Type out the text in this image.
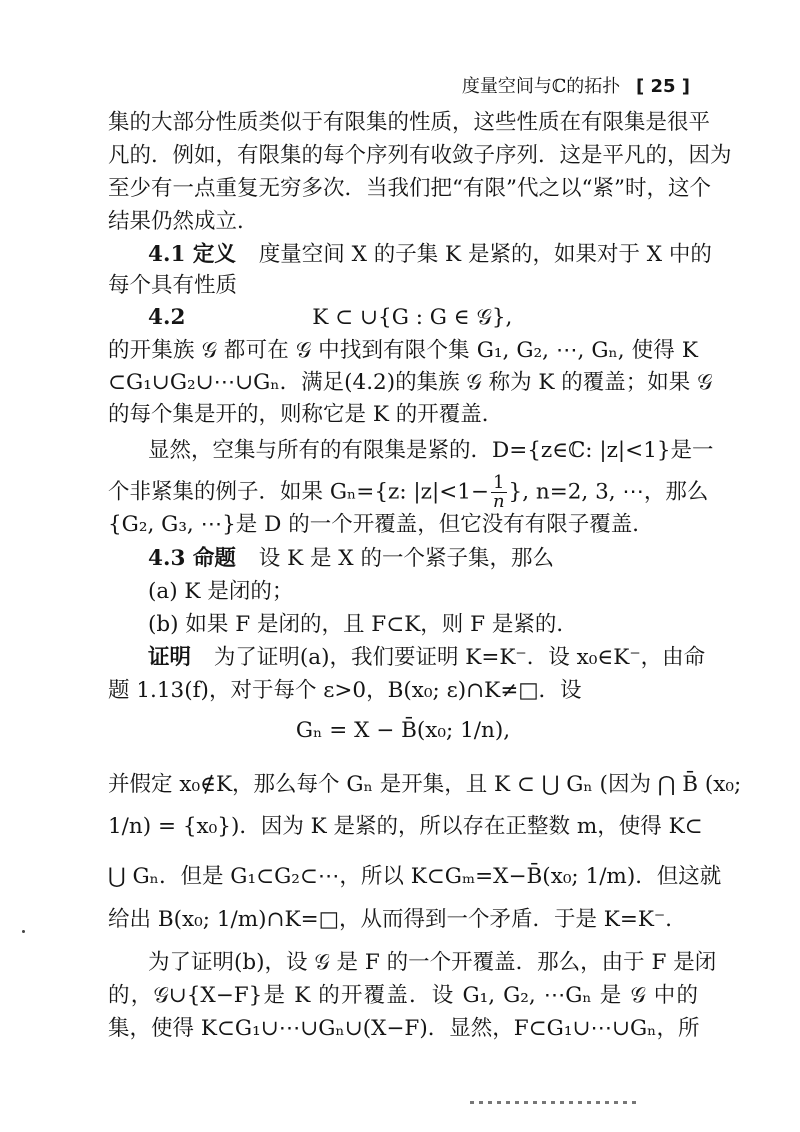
度量空间与ℂ的拓扑 [ 25 ]
集的大部分性质类似于有限集的性质，这些性质在有限集是很平
凡的．例如，有限集的每个序列有收敛子序列．这是平凡的，因为
至少有一点重复无穷多次．当我们把“有限”代之以“紧”时，这个
结果仍然成立．
4.1 定义 度量空间 X 的子集 K 是紧的，如果对于 X 中的
每个具有性质
4.2	K ⊂ ∪{G : G ∈ 𝒢},
的开集族 𝒢 都可在 𝒢 中找到有限个集 G₁, G₂, ⋯, Gₙ, 使得 K
⊂G₁∪G₂∪⋯∪Gₙ．满足(4.2)的集族 𝒢 称为 K 的覆盖；如果 𝒢
的每个集是开的，则称它是 K 的开覆盖．
显然，空集与所有的有限集是紧的．D={z∈ℂ: |z|<1}是一
个非紧集的例子．如果 Gₙ={z: $|z|<1- \frac{1}{n}$ }, n=2, 3, ⋯，那么
{G₂, G₃, ⋯}是 D 的一个开覆盖，但它没有有限子覆盖．
4.3 命题 设 K 是 X 的一个紧子集，那么
(a) K 是闭的；
(b) 如果 F 是闭的，且 F⊂K，则 F 是紧的．
证明 为了证明(a)，我们要证明 K=K⁻．设 x₀∈K⁻，由命
题 1.13(f)，对于每个 ε>0，B(x₀; ε)∩K≠□．设
Gₙ = X − B̄(x₀; 1/n),
并假定 x₀∉K，那么每个 Gₙ 是开集，且 K ⊂ ⋃ Gₙ (因为 ⋂ B̄ (x₀;
1/n) = {x₀})．因为 K 是紧的，所以存在正整数 m，使得 K⊂
⋃ Gₙ．但是 G₁⊂G₂⊂⋯，所以 K⊂Gₘ=X−B̄(x₀; 1/m)．但这就
给出 B(x₀; 1/m)∩K=□，从而得到一个矛盾．于是 K=K⁻．
为了证明(b)，设 𝒢 是 F 的一个开覆盖．那么，由于 F 是闭
的，𝒢∪{X−F}是 K 的开覆盖．设 G₁, G₂, ⋯Gₙ 是 𝒢 中的
集，使得 K⊂G₁∪⋯∪Gₙ∪(X−F)．显然，F⊂G₁∪⋯∪Gₙ，所
